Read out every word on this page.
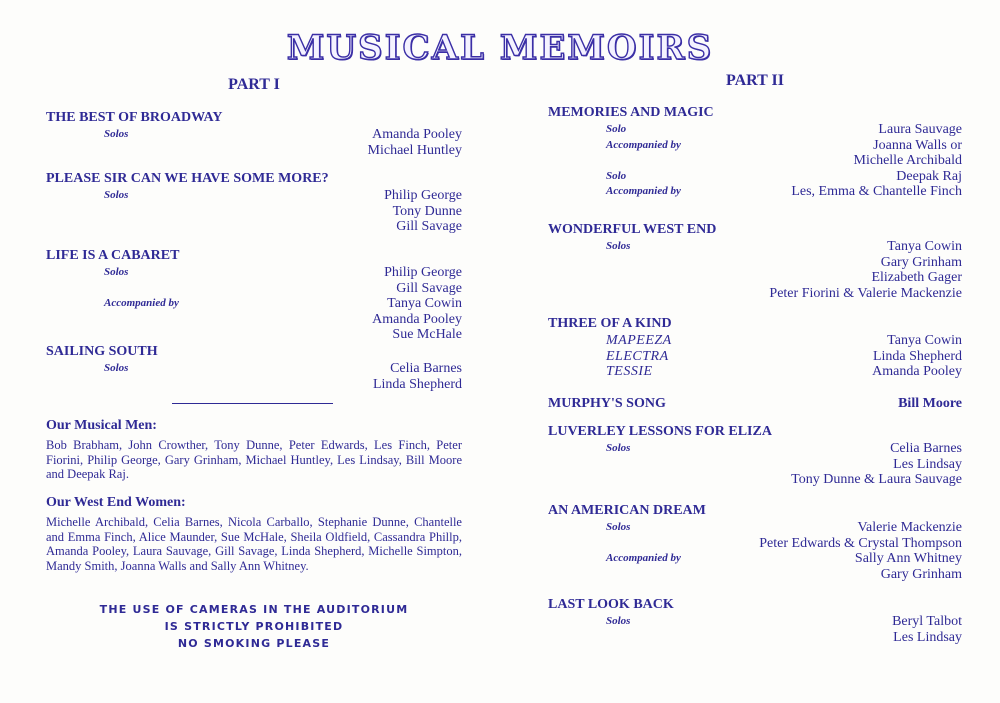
MUSICAL MEMOIRS
PART I
THE BEST OF BROADWAY
Solos	Amanda Pooley
Michael Huntley
PLEASE SIR CAN WE HAVE SOME MORE?
Solos	Philip George
Tony Dunne
Gill Savage
LIFE IS A CABARET
Solos	Philip George
Gill Savage
Accompanied by	Tanya Cowin
Amanda Pooley
Sue McHale
SAILING SOUTH
Solos	Celia Barnes
Linda Shepherd
Our Musical Men:
Bob Brabham, John Crowther, Tony Dunne, Peter Edwards, Les Finch, Peter Fiorini, Philip George, Gary Grinham, Michael Huntley, Les Lindsay, Bill Moore and Deepak Raj.
Our West End Women:
Michelle Archibald, Celia Barnes, Nicola Carballo, Stephanie Dunne, Chantelle and Emma Finch, Alice Maunder, Sue McHale, Sheila Oldfield, Cassandra Phillp, Amanda Pooley, Laura Sauvage, Gill Savage, Linda Shepherd, Michelle Simpton, Mandy Smith, Joanna Walls and Sally Ann Whitney.
THE USE OF CAMERAS IN THE AUDITORIUM
IS STRICTLY PROHIBITED
NO SMOKING PLEASE
PART II
MEMORIES AND MAGIC
Solo	Laura Sauvage
Accompanied by	Joanna Walls or
Michelle Archibald
Solo	Deepak Raj
Accompanied by	Les, Emma & Chantelle Finch
WONDERFUL WEST END
Solos	Tanya Cowin
Gary Grinham
Elizabeth Gager
Peter Fiorini & Valerie Mackenzie
THREE OF A KIND
MAPEEZA	Tanya Cowin
ELECTRA	Linda Shepherd
TESSIE	Amanda Pooley
MURPHY'S SONG	Bill Moore
LUVERLEY LESSONS FOR ELIZA
Solos	Celia Barnes
Les Lindsay
Tony Dunne & Laura Sauvage
AN AMERICAN DREAM
Solos	Valerie Mackenzie
Peter Edwards & Crystal Thompson
Accompanied by	Sally Ann Whitney
Gary Grinham
LAST LOOK BACK
Solos	Beryl Talbot
Les Lindsay
